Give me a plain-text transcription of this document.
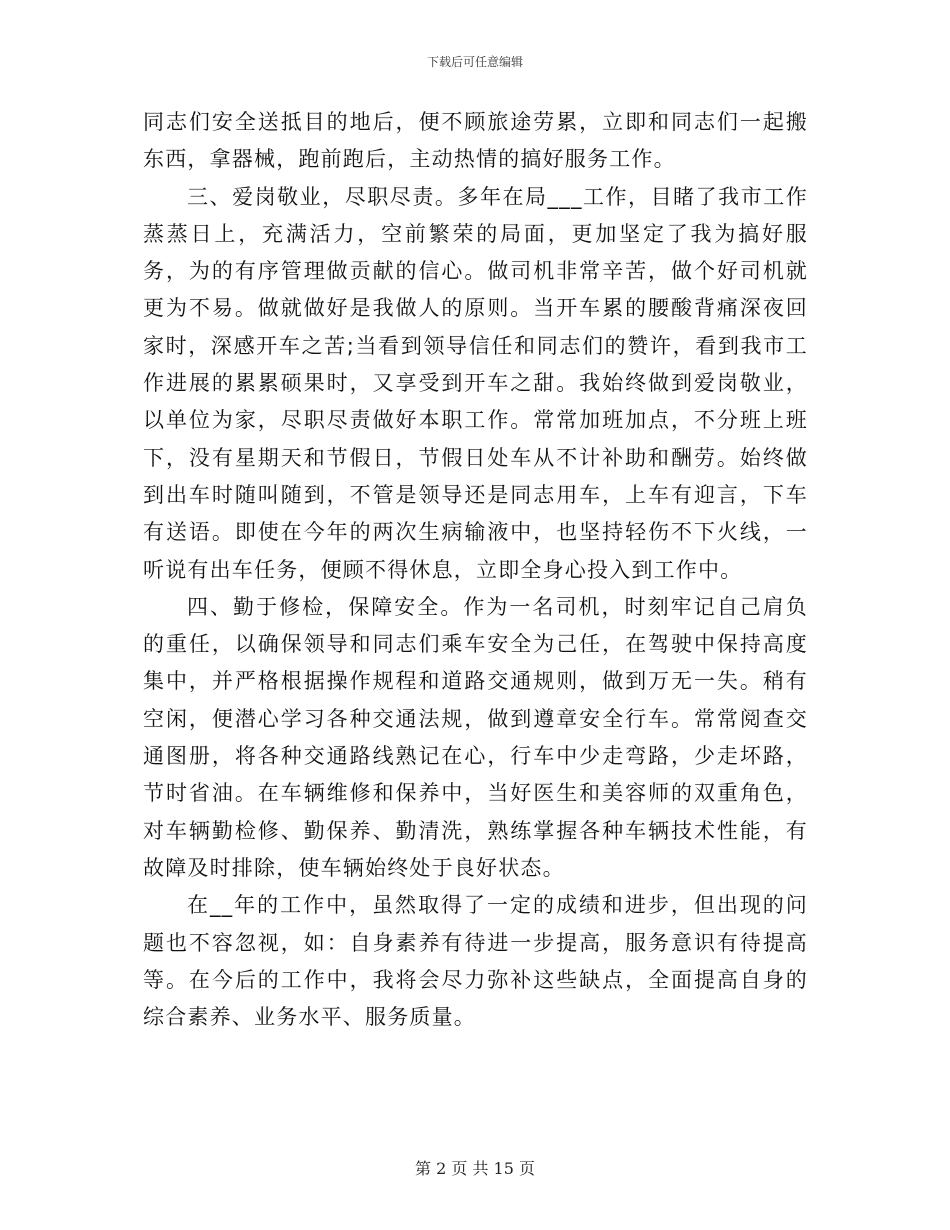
下载后可任意编辑

同志们安全送抵目的地后，便不顾旅途劳累，立即和同志们一起搬东西，拿器械，跑前跑后，主动热情的搞好服务工作。

三、爱岗敬业，尽职尽责。多年在局___工作，目睹了我市工作蒸蒸日上，充满活力，空前繁荣的局面，更加坚定了我为搞好服务，为的有序管理做贡献的信心。做司机非常辛苦，做个好司机就更为不易。做就做好是我做人的原则。当开车累的腰酸背痛深夜回家时，深感开车之苦;当看到领导信任和同志们的赞许，看到我市工作进展的累累硕果时，又享受到开车之甜。我始终做到爱岗敬业，以单位为家，尽职尽责做好本职工作。常常加班加点，不分班上班下，没有星期天和节假日，节假日处车从不计补助和酬劳。始终做到出车时随叫随到，不管是领导还是同志用车，上车有迎言，下车有送语。即使在今年的两次生病输液中，也坚持轻伤不下火线，一听说有出车任务，便顾不得休息，立即全身心投入到工作中。

四、勤于修检，保障安全。作为一名司机，时刻牢记自己肩负的重任，以确保领导和同志们乘车安全为己任，在驾驶中保持高度集中，并严格根据操作规程和道路交通规则，做到万无一失。稍有空闲，便潜心学习各种交通法规，做到遵章安全行车。常常阅查交通图册，将各种交通路线熟记在心，行车中少走弯路，少走坏路，节时省油。在车辆维修和保养中，当好医生和美容师的双重角色，对车辆勤检修、勤保养、勤清洗，熟练掌握各种车辆技术性能，有故障及时排除，使车辆始终处于良好状态。

在__年的工作中，虽然取得了一定的成绩和进步，但出现的问题也不容忽视，如：自身素养有待进一步提高，服务意识有待提高等。在今后的工作中，我将会尽力弥补这些缺点，全面提高自身的综合素养、业务水平、服务质量。

第 2 页 共 15 页
